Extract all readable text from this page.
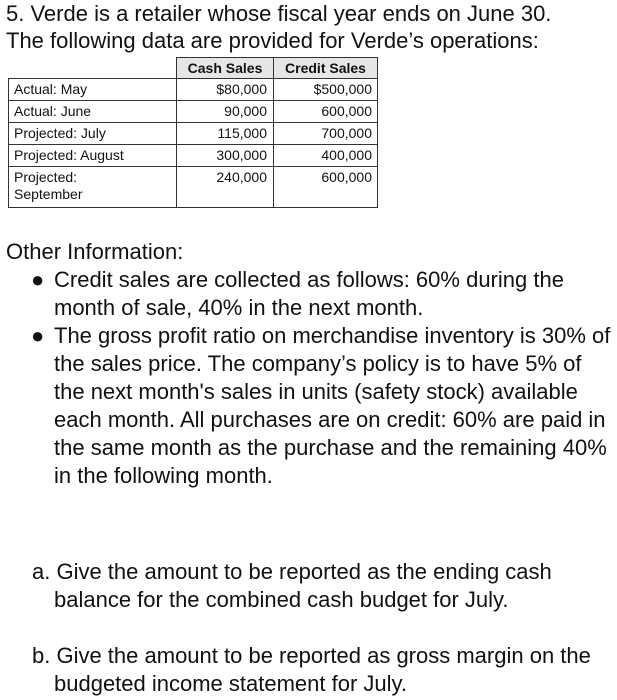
5. Verde is a retailer whose fiscal year ends on June 30.
The following data are provided for Verde’s operations:
	Cash Sales	Credit Sales
Actual: May	$80,000	$500,000
Actual: June	90,000	600,000
Projected: July	115,000	700,000
Projected: August	300,000	400,000

Projected:
September	240,000	600,000
Other Information:
● Credit sales are collected as follows: 60% during the month of sale, 40% in the next month.
● The gross profit ratio on merchandise inventory is 30% of the sales price. The company’s policy is to have 5% of the next month's sales in units (safety stock) available each month. All purchases are on credit: 60% are paid in the same month as the purchase and the remaining 40% in the following month.
a. Give the amount to be reported as the ending cash balance for the combined cash budget for July.
b. Give the amount to be reported as gross margin on the budgeted income statement for July.
